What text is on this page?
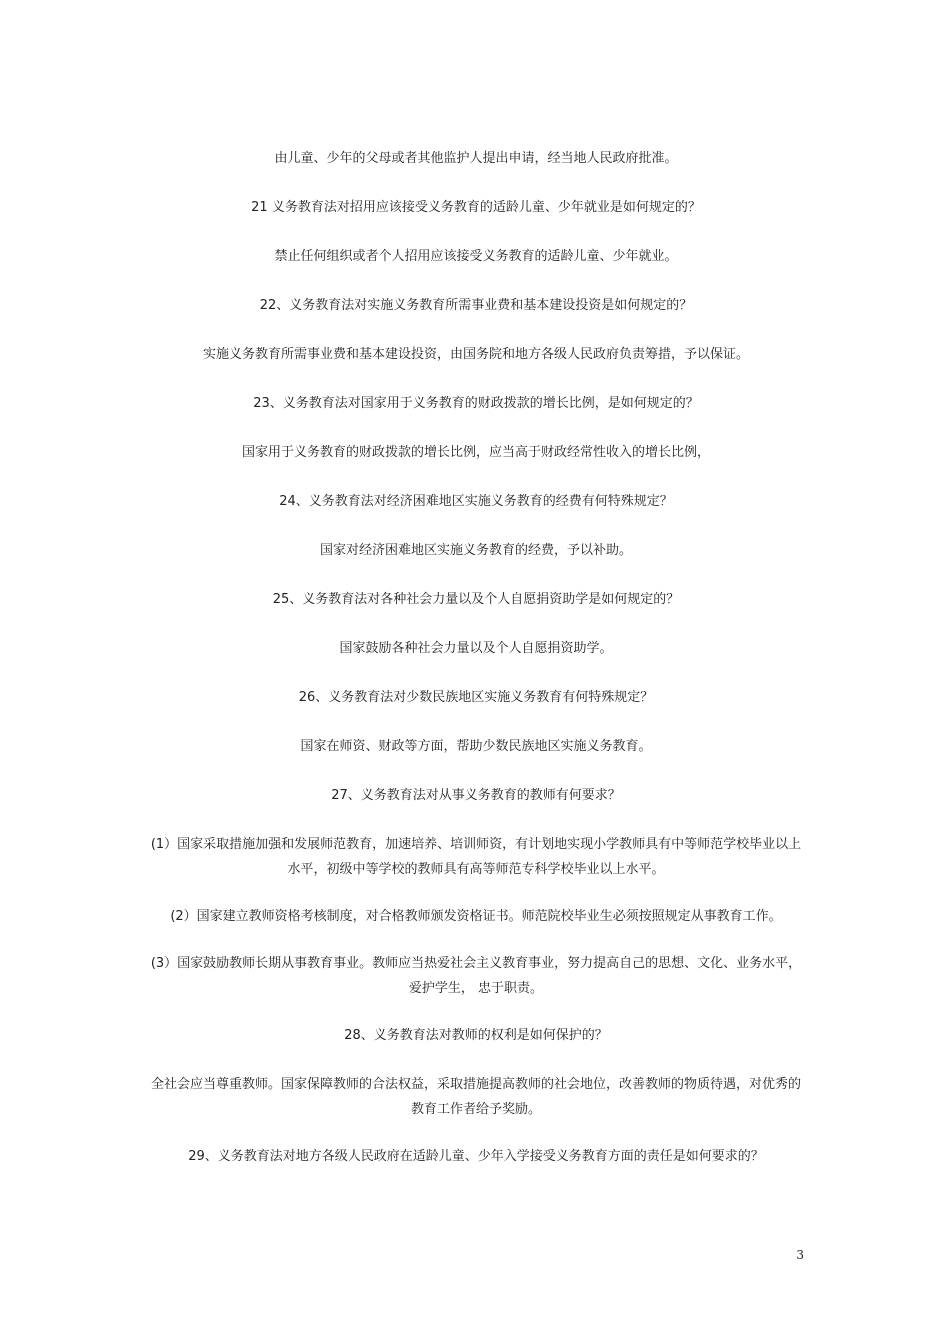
由儿童、少年的父母或者其他监护人提出申请，经当地人民政府批准。

21 义务教育法对招用应该接受义务教育的适龄儿童、少年就业是如何规定的？

禁止任何组织或者个人招用应该接受义务教育的适龄儿童、少年就业。

22、义务教育法对实施义务教育所需事业费和基本建设投资是如何规定的？

实施义务教育所需事业费和基本建设投资，由国务院和地方各级人民政府负责筹措，予以保证。

23、义务教育法对国家用于义务教育的财政拨款的增长比例，是如何规定的？

国家用于义务教育的财政拨款的增长比例，应当高于财政经常性收入的增长比例，

24、义务教育法对经济困难地区实施义务教育的经费有何特殊规定？

国家对经济困难地区实施义务教育的经费，予以补助。

25、义务教育法对各种社会力量以及个人自愿捐资助学是如何规定的？

国家鼓励各种社会力量以及个人自愿捐资助学。

26、义务教育法对少数民族地区实施义务教育有何特殊规定？

国家在师资、财政等方面，帮助少数民族地区实施义务教育。

27、义务教育法对从事义务教育的教师有何要求？

(1）国家采取措施加强和发展师范教育，加速培养、培训师资，有计划地实现小学教师具有中等师范学校毕业以上水平，初级中等学校的教师具有高等师范专科学校毕业以上水平。

(2）国家建立教师资格考核制度，对合格教师颁发资格证书。师范院校毕业生必须按照规定从事教育工作。

(3）国家鼓励教师长期从事教育事业。教师应当热爱社会主义教育事业，努力提高自己的思想、文化、业务水平， 爱护学生， 忠于职责。

28、义务教育法对教师的权利是如何保护的？

全社会应当尊重教师。国家保障教师的合法权益，采取措施提高教师的社会地位，改善教师的物质待遇，对优秀的教育工作者给予奖励。

29、义务教育法对地方各级人民政府在适龄儿童、少年入学接受义务教育方面的责任是如何要求的？

3
